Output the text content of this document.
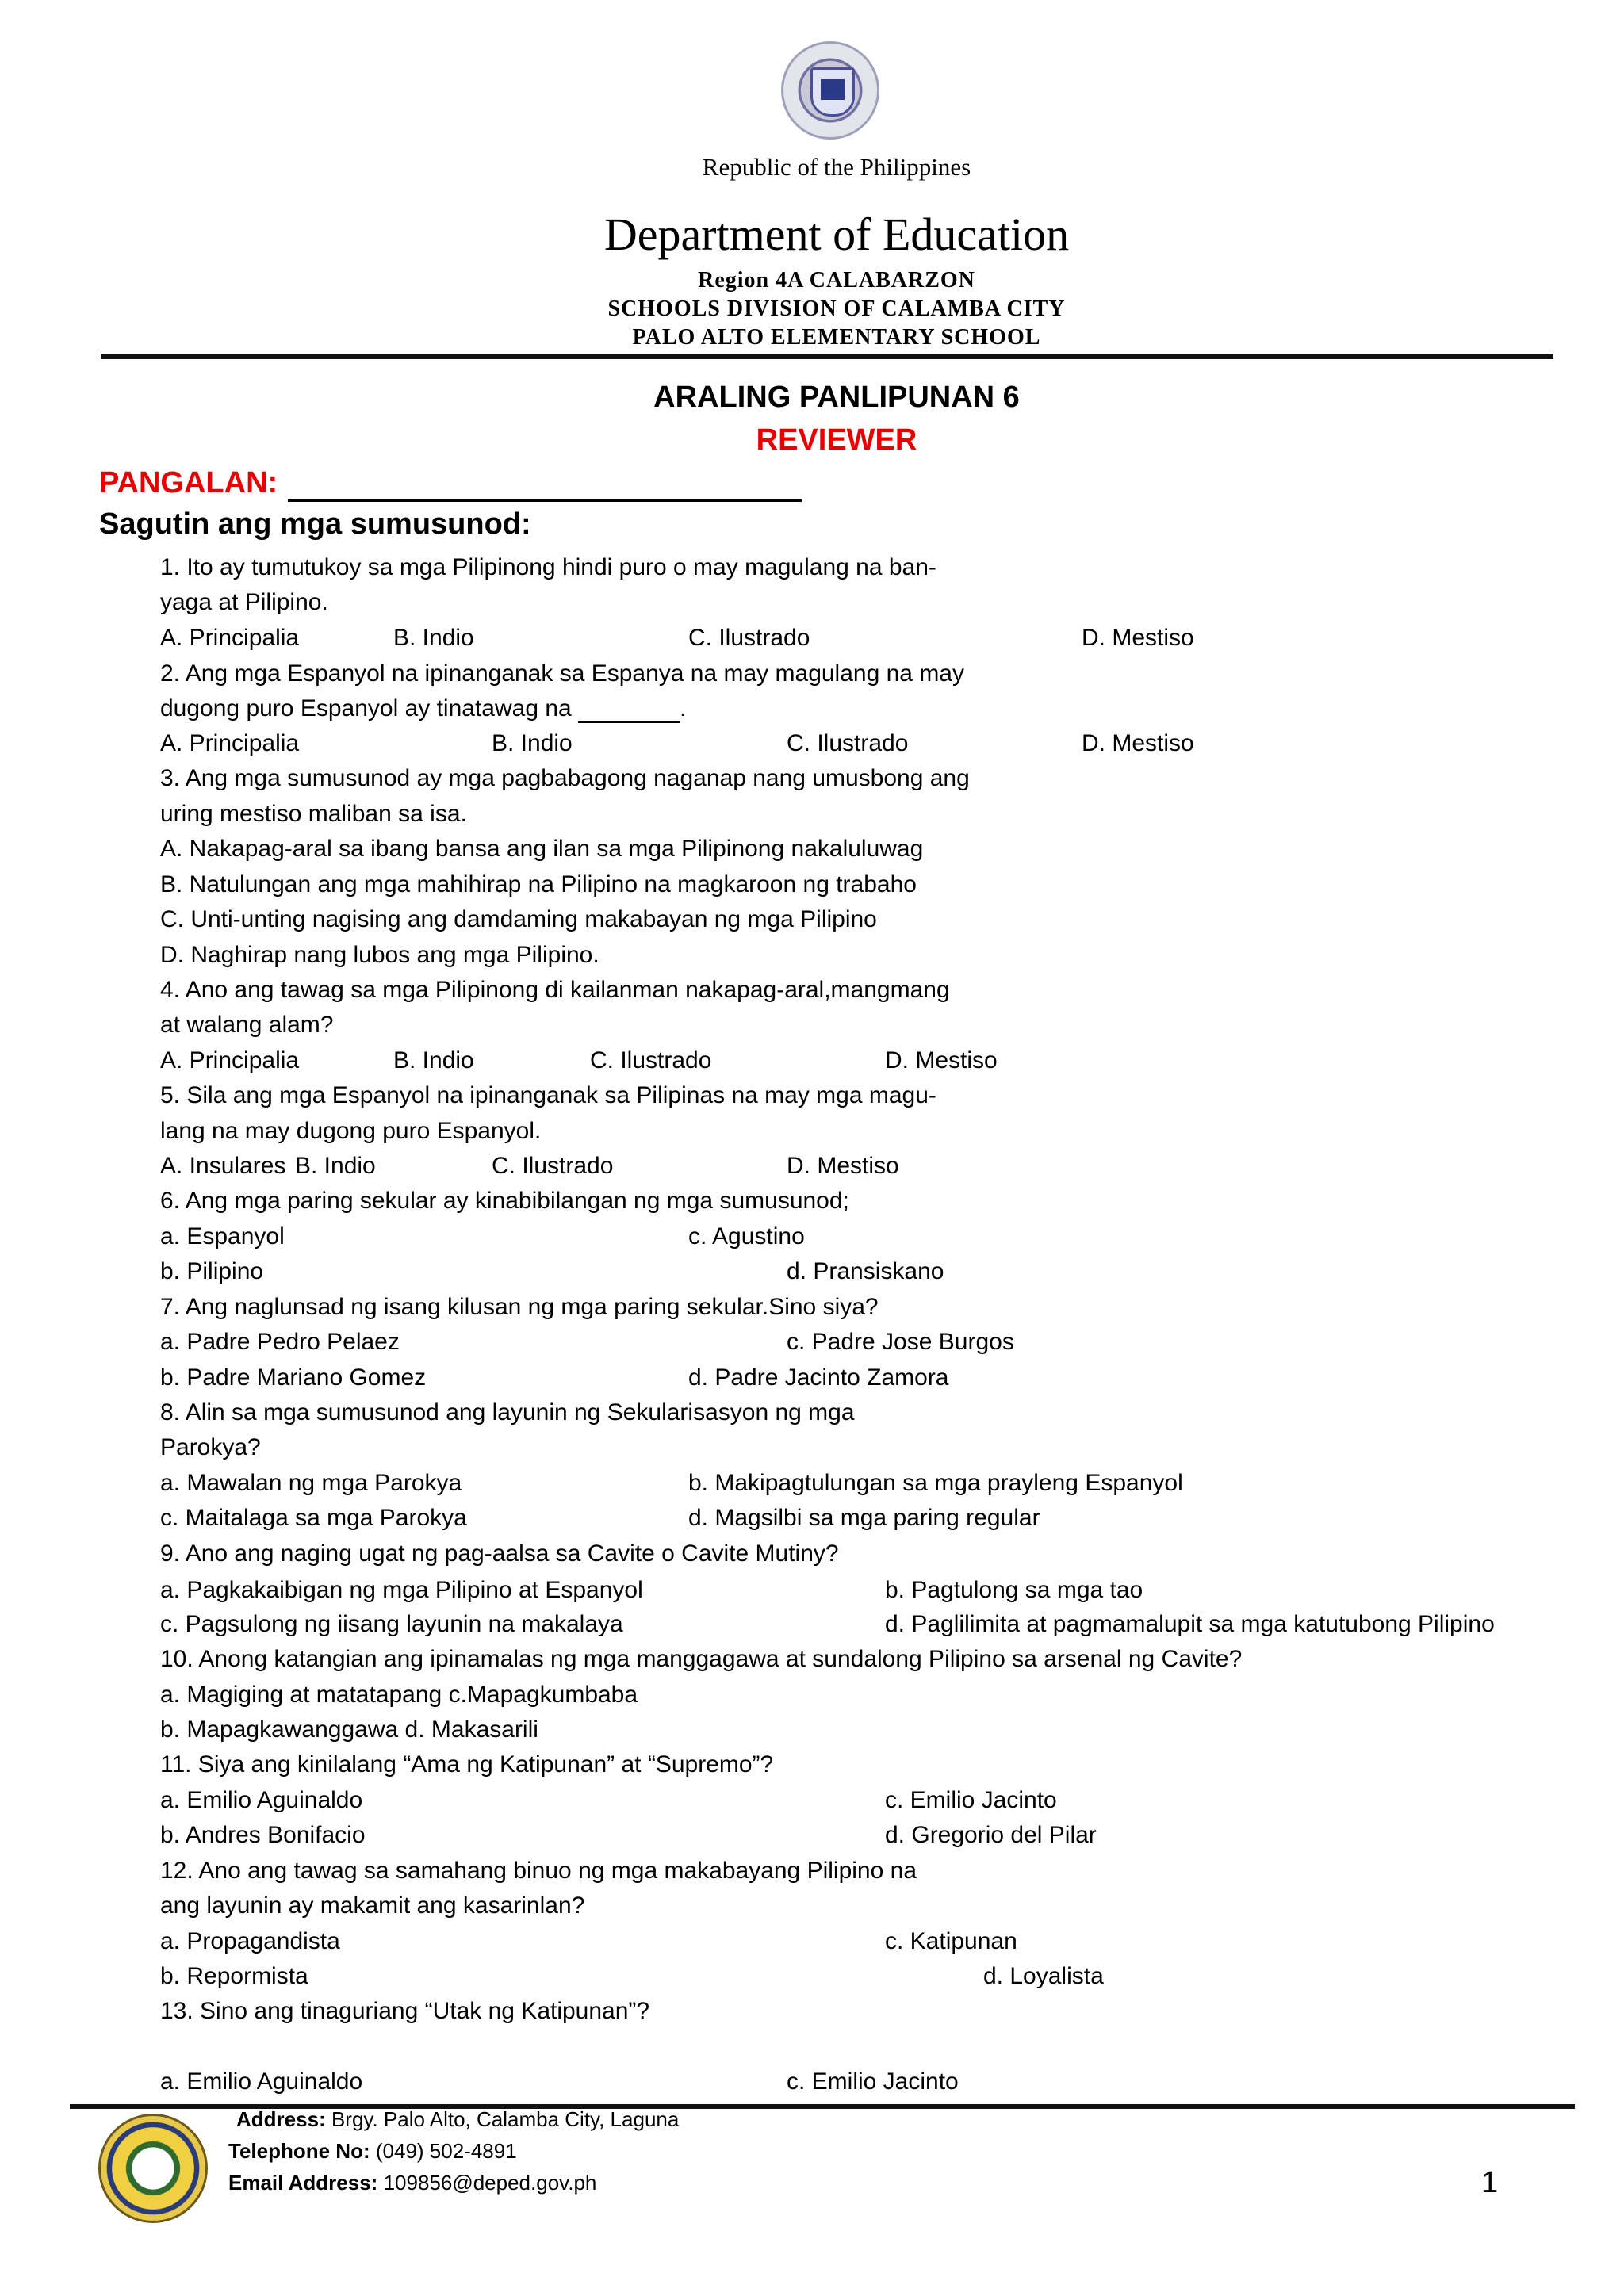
Republic of the Philippines
Department of Education
Region 4A CALABARZON
SCHOOLS DIVISION OF CALAMBA CITY
PALO ALTO ELEMENTARY SCHOOL
ARALING PANLIPUNAN 6
REVIEWER
PANGALAN:
Sagutin ang mga sumusunod:
1. Ito ay tumutukoy sa mga Pilipinong hindi puro o may magulang na ban-
yaga at Pilipino.
A. Principalia	B. Indio	C. Ilustrado	D. Mestiso
2. Ang mga Espanyol na ipinanganak sa Espanya na may magulang na may
dugong puro Espanyol ay tinatawag na	.
A. Principalia	B. Indio	C. Ilustrado	D. Mestiso
3. Ang mga sumusunod ay mga pagbabagong naganap nang umusbong ang
uring mestiso maliban sa isa.
A. Nakapag-aral sa ibang bansa ang ilan sa mga Pilipinong nakaluluwag
B. Natulungan ang mga mahihirap na Pilipino na magkaroon ng trabaho
C. Unti-unting nagising ang damdaming makabayan ng mga Pilipino
D. Naghirap nang lubos ang mga Pilipino.
4. Ano ang tawag sa mga Pilipinong di kailanman nakapag-aral,mangmang
at walang alam?
A. Principalia	B. Indio	C. Ilustrado	D. Mestiso
5. Sila ang mga Espanyol na ipinanganak sa Pilipinas na may mga magu-
lang na may dugong puro Espanyol.
A. Insulares B. Indio	C. Ilustrado	D. Mestiso
6. Ang mga paring sekular ay kinabibilangan ng mga sumusunod;
a. Espanyol	c. Agustino
b. Pilipino	d. Pransiskano
7. Ang naglunsad ng isang kilusan ng mga paring sekular.Sino siya?
a. Padre Pedro Pelaez	c. Padre Jose Burgos
b. Padre Mariano Gomez	d. Padre Jacinto Zamora
8. Alin sa mga sumusunod ang layunin ng Sekularisasyon ng mga
Parokya?
a. Mawalan ng mga Parokya	b. Makipagtulungan sa mga prayleng Espanyol
c. Maitalaga sa mga Parokya	d. Magsilbi sa mga paring regular
9. Ano ang naging ugat ng pag-aalsa sa Cavite o Cavite Mutiny?
a. Pagkakaibigan ng mga Pilipino at Espanyol	b. Pagtulong sa mga tao
c. Pagsulong ng iisang layunin na makalaya	d. Paglilimita at pagmamalupit sa mga katutubong Pilipino
10. Anong katangian ang ipinamalas ng mga manggagawa at sundalong Pilipino sa arsenal ng Cavite?
a. Magiging at matatapang c.Mapagkumbaba
b. Mapagkawanggawa d. Makasarili
11. Siya ang kinilalang “Ama ng Katipunan” at “Supremo”?
a. Emilio Aguinaldo	c. Emilio Jacinto
b. Andres Bonifacio	d. Gregorio del Pilar
12. Ano ang tawag sa samahang binuo ng mga makabayang Pilipino na
ang layunin ay makamit ang kasarinlan?
a. Propagandista	c. Katipunan
b. Repormista	d. Loyalista
13. Sino ang tinaguriang “Utak ng Katipunan”?
a. Emilio Aguinaldo	c. Emilio Jacinto
Address: Brgy. Palo Alto, Calamba City, Laguna
Telephone No: (049) 502-4891
Email Address: 109856@deped.gov.ph	1
